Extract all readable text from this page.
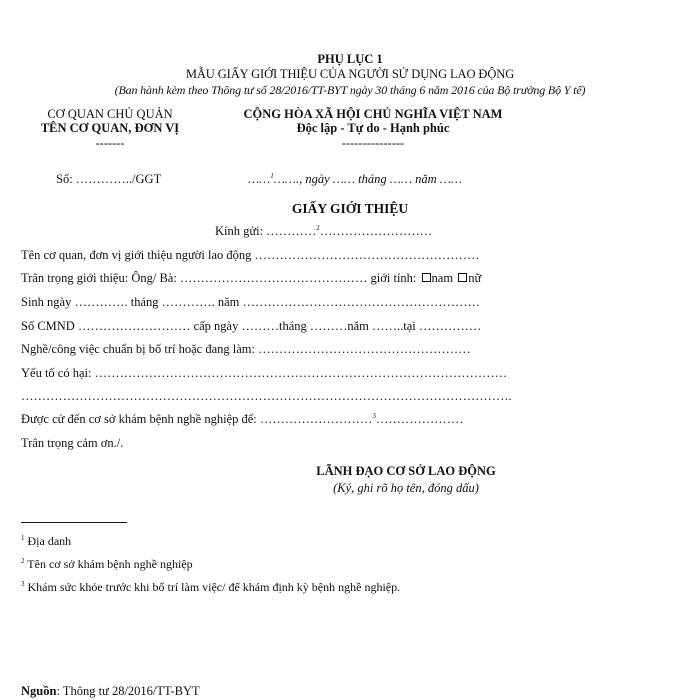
PHỤ LỤC 1
MẪU GIẤY GIỚI THIỆU CỦA NGƯỜI SỬ DỤNG LAO ĐỘNG
(Ban hành kèm theo Thông tư số 28/2016/TT-BYT ngày 30 tháng 6 năm 2016 của Bộ trưởng Bộ Y tế)
CƠ QUAN CHỦ QUẢN
TÊN CƠ QUAN, ĐƠN VỊ
-------
CỘNG HÒA XÃ HỘI CHỦ NGHĨA VIỆT NAM
Độc lập - Tự do - Hạnh phúc
---------------
Số: …………../GGT	……$^1$……., ngày …… tháng …… năm ……
GIẤY GIỚI THIỆU
Kính gửi: …………$^2$………………………
Tên cơ quan, đơn vị giới thiệu người lao động ………………………………………………
Trân trọng giới thiệu: Ông/ Bà: ……………………………………… giới tính: nam nữ
Sinh ngày …………. tháng …………. năm …………………………………………………
Số CMND ……………………… cấp ngày ………tháng ………năm ……..tại ……………
Nghề/công việc chuẩn bị bố trí hoặc đang làm: ……………………………………………
Yếu tố có hại: ………………………………………………………………………………………
……………………………………………………………………………………………………….
Được cử đến cơ sở khám bệnh nghề nghiệp để: ………………………$^3$…………………
Trân trọng cảm ơn./.
LÃNH ĐẠO CƠ SỞ LAO ĐỘNG
(Ký, ghi rõ họ tên, đóng dấu)
$^1$ Địa danh
$^2$ Tên cơ sở khám bệnh nghề nghiệp
$^3$ Khám sức khỏe trước khi bố trí làm việc/ để khám định kỳ bệnh nghề nghiệp.
Nguồn: Thông tư 28/2016/TT-BYT
